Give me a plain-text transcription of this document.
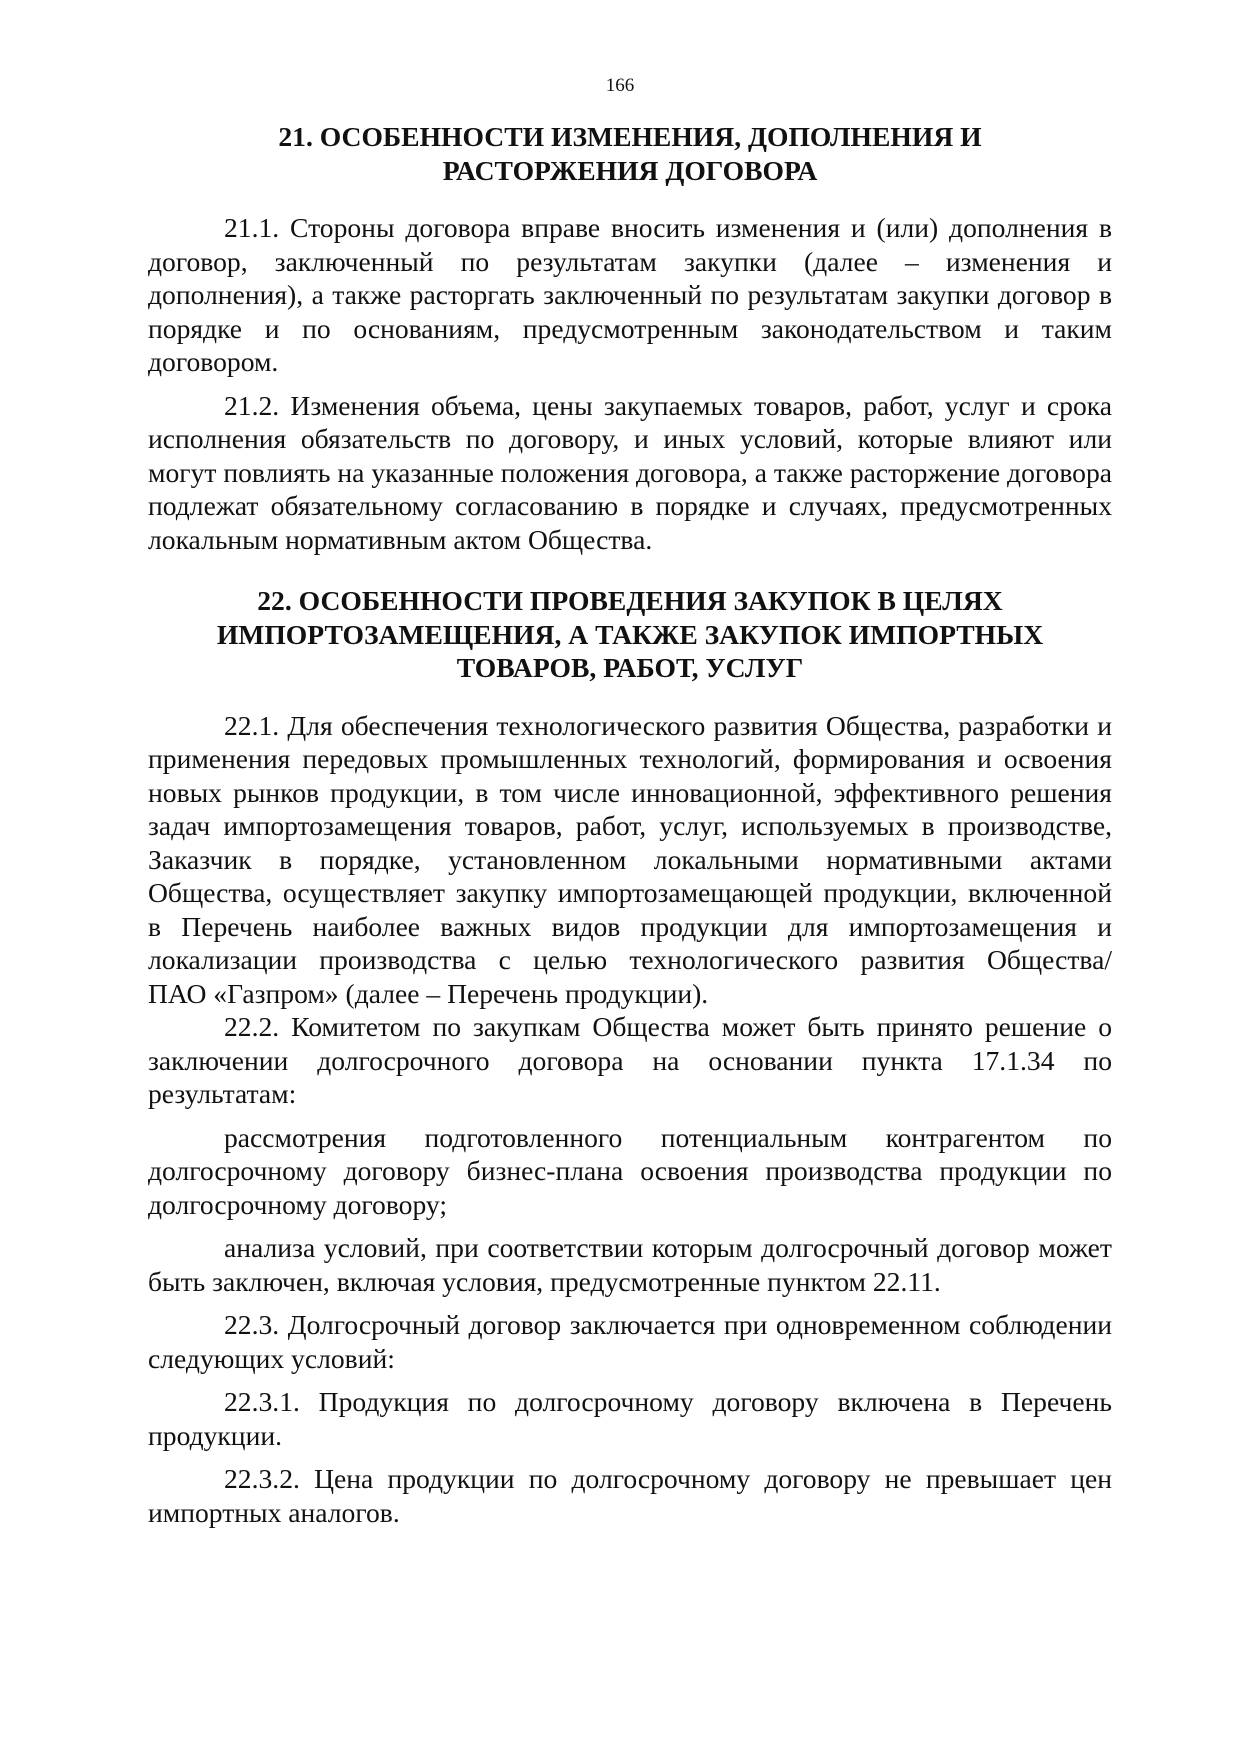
166
21. ОСОБЕННОСТИ ИЗМЕНЕНИЯ, ДОПОЛНЕНИЯ И
РАСТОРЖЕНИЯ ДОГОВОРА

21.1. Стороны договора вправе вносить изменения и (или) дополнения в договор, заключенный по результатам закупки (далее – изменения и дополнения), а также расторгать заключенный по результатам закупки договор в порядке и по основаниям, предусмотренным законодательством и таким договором.

21.2. Изменения объема, цены закупаемых товаров, работ, услуг и срока исполнения обязательств по договору, и иных условий, которые влияют или могут повлиять на указанные положения договора, а также расторжение договора подлежат обязательному согласованию в порядке и случаях, предусмотренных локальным нормативным актом Общества.

22. ОСОБЕННОСТИ ПРОВЕДЕНИЯ ЗАКУПОК В ЦЕЛЯХ
ИМПОРТОЗАМЕЩЕНИЯ, А ТАКЖЕ ЗАКУПОК ИМПОРТНЫХ
ТОВАРОВ, РАБОТ, УСЛУГ

22.1. Для обеспечения технологического развития Общества, разработки и применения передовых промышленных технологий, формирования и освоения новых рынков продукции, в том числе инновационной, эффективного решения задач импортозамещения товаров, работ, услуг, используемых в производстве, Заказчик в порядке, установленном локальными нормативными актами Общества, осуществляет закупку импортозамещающей продукции, включенной в Перечень наиболее важных видов продукции для импортозамещения и локализации производства с целью технологического развития Общества/

ПАО «Газпром» (далее – Перечень продукции).

22.2. Комитетом по закупкам Общества может быть принято решение о заключении долгосрочного договора на основании пункта 17.1.34 по результатам:

рассмотрения подготовленного потенциальным контрагентом по долгосрочному договору бизнес-плана освоения производства продукции по долгосрочному договору;

анализа условий, при соответствии которым долгосрочный договор может быть заключен, включая условия, предусмотренные пунктом 22.11.

22.3. Долгосрочный договор заключается при одновременном соблюдении следующих условий:

22.3.1. Продукция по долгосрочному договору включена в Перечень продукции.

22.3.2. Цена продукции по долгосрочному договору не превышает цен импортных аналогов.
